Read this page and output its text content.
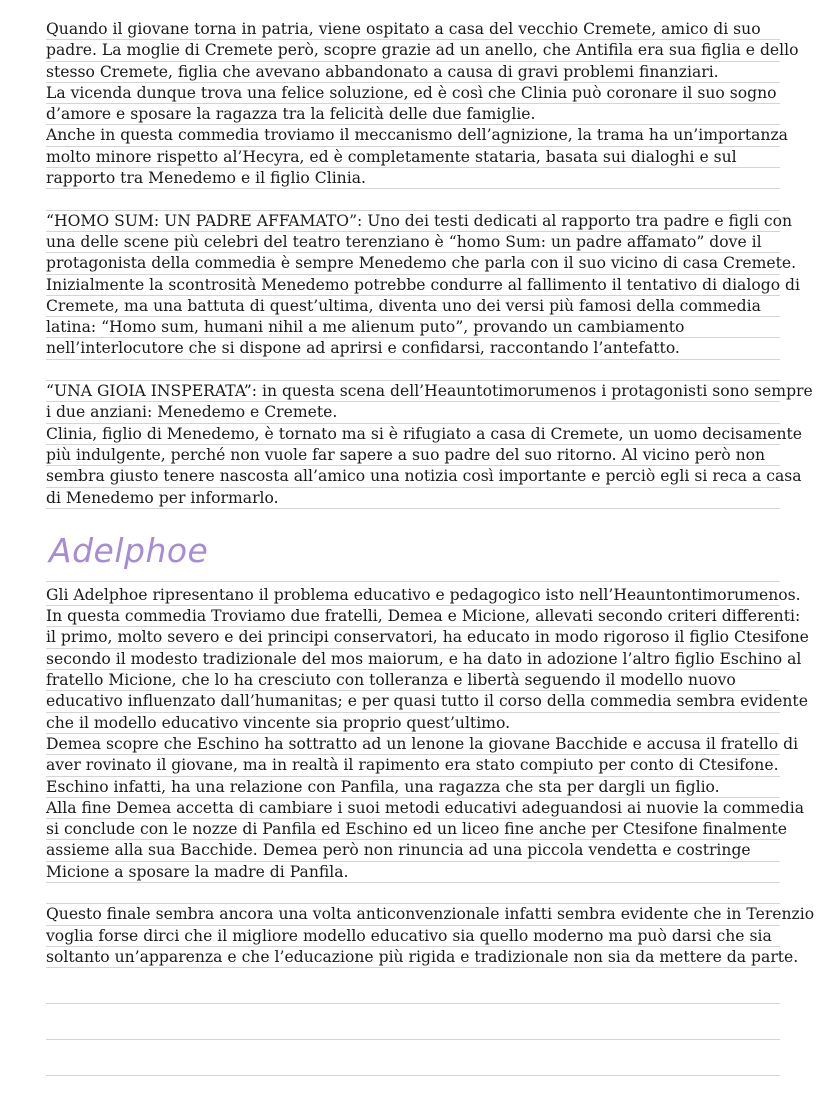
Quando il giovane torna in patria, viene ospitato a casa del vecchio Cremete, amico di suo
padre. La moglie di Cremete però, scopre grazie ad un anello, che Antifila era sua figlia e dello
stesso Cremete, figlia che avevano abbandonato a causa di gravi problemi finanziari.
La vicenda dunque trova una felice soluzione, ed è così che Clinia può coronare il suo sogno
d’amore e sposare la ragazza tra la felicità delle due famiglie.
Anche in questa commedia troviamo il meccanismo dell’agnizione, la trama ha un’importanza
molto minore rispetto al’Hecyra, ed è completamente stataria, basata sui dialoghi e sul
rapporto tra Menedemo e il figlio Clinia.
“HOMO SUM: UN PADRE AFFAMATO”: Uno dei testi dedicati al rapporto tra padre e figli con
una delle scene più celebri del teatro terenziano è “homo Sum: un padre affamato” dove il
protagonista della commedia è sempre Menedemo che parla con il suo vicino di casa Cremete.
Inizialmente la scontrosità Menedemo potrebbe condurre al fallimento il tentativo di dialogo di
Cremete, ma una battuta di quest’ultima, diventa uno dei versi più famosi della commedia
latina: “Homo sum, humani nihil a me alienum puto”, provando un cambiamento
nell’interlocutore che si dispone ad aprirsi e confidarsi, raccontando l’antefatto.
“UNA GIOIA INSPERATA”: in questa scena dell’Heauntotimorumenos i protagonisti sono sempre
i due anziani: Menedemo e Cremete.
Clinia, figlio di Menedemo, è tornato ma si è rifugiato a casa di Cremete, un uomo decisamente
più indulgente, perché non vuole far sapere a suo padre del suo ritorno. Al vicino però non
sembra giusto tenere nascosta all’amico una notizia così importante e perciò egli si reca a casa
di Menedemo per informarlo.
Adelphoe
Gli Adelphoe ripresentano il problema educativo e pedagogico isto nell’Heauntontimorumenos.
In questa commedia Troviamo due fratelli, Demea e Micione, allevati secondo criteri differenti:
il primo, molto severo e dei principi conservatori, ha educato in modo rigoroso il figlio Ctesifone
secondo il modesto tradizionale del mos maiorum, e ha dato in adozione l’altro figlio Eschino al
fratello Micione, che lo ha cresciuto con tolleranza e libertà seguendo il modello nuovo
educativo influenzato dall’humanitas; e per quasi tutto il corso della commedia sembra evidente
che il modello educativo vincente sia proprio quest’ultimo.
Demea scopre che Eschino ha sottratto ad un lenone la giovane Bacchide e accusa il fratello di
aver rovinato il giovane, ma in realtà il rapimento era stato compiuto per conto di Ctesifone.
Eschino infatti, ha una relazione con Panfila, una ragazza che sta per dargli un figlio.
Alla fine Demea accetta di cambiare i suoi metodi educativi adeguandosi ai nuovie la commedia
si conclude con le nozze di Panfila ed Eschino ed un liceo fine anche per Ctesifone finalmente
assieme alla sua Bacchide. Demea però non rinuncia ad una piccola vendetta e costringe
Micione a sposare la madre di Panfila.
Questo finale sembra ancora una volta anticonvenzionale infatti sembra evidente che in Terenzio
voglia forse dirci che il migliore modello educativo sia quello moderno ma può darsi che sia
soltanto un’apparenza e che l’educazione più rigida e tradizionale non sia da mettere da parte.
